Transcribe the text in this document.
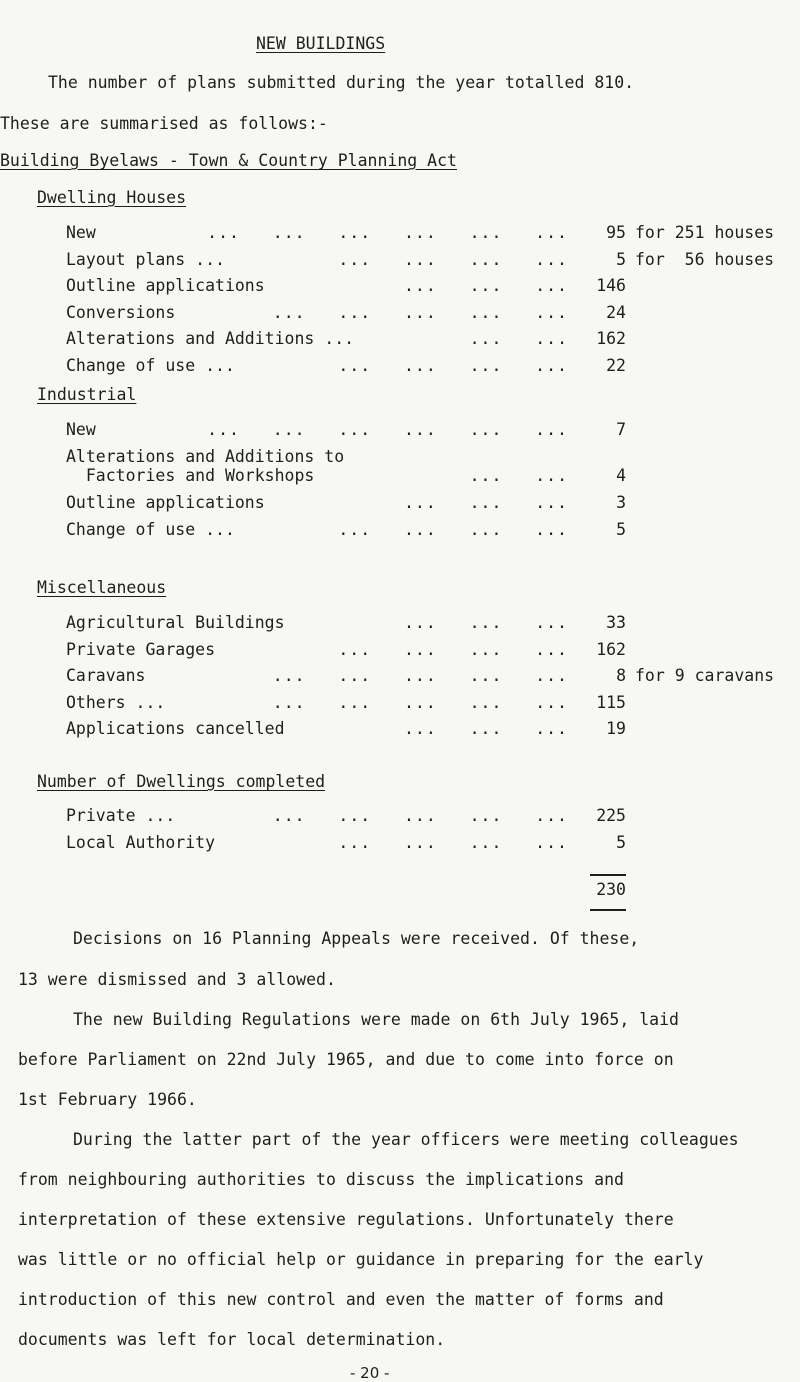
NEW BUILDINGS
The number of plans submitted during the year totalled 810.
These are summarised as follows:-
Building Byelaws - Town & Country Planning Act
Dwelling Houses
New	...   ...   ...   ...   ...   ...	95 for 251 houses
Layout plans ...	...   ...   ...   ...	5 for  56 houses
Outline applications	...   ...   ...	146
Conversions	...   ...   ...   ...   ...	24
Alterations and Additions ...	...   ...	162
Change of use ...	...   ...   ...   ...	22
Industrial
New	...   ...   ...   ...   ...   ...	7
Alterations and Additions to
Factories and Workshops	...   ...	4
Outline applications	...   ...   ...	3
Change of use ...	...   ...   ...   ...	5
Miscellaneous
Agricultural Buildings	...   ...   ...	33
Private Garages	...   ...   ...   ...	162
Caravans	...   ...   ...   ...   ...	8 for 9 caravans
Others ...	...   ...   ...   ...   ...	115
Applications cancelled	...   ...   ...	19
Number of Dwellings completed
Private ...	...   ...   ...   ...   ...	225
Local Authority	...   ...   ...   ...	5
230
Decisions on 16 Planning Appeals were received. Of these,
13 were dismissed and 3 allowed.
The new Building Regulations were made on 6th July 1965, laid
before Parliament on 22nd July 1965, and due to come into force on
1st February 1966.
During the latter part of the year officers were meeting colleagues
from neighbouring authorities to discuss the implications and
interpretation of these extensive regulations. Unfortunately there
was little or no official help or guidance in preparing for the early
introduction of this new control and even the matter of forms and
documents was left for local determination.
- 20 -
